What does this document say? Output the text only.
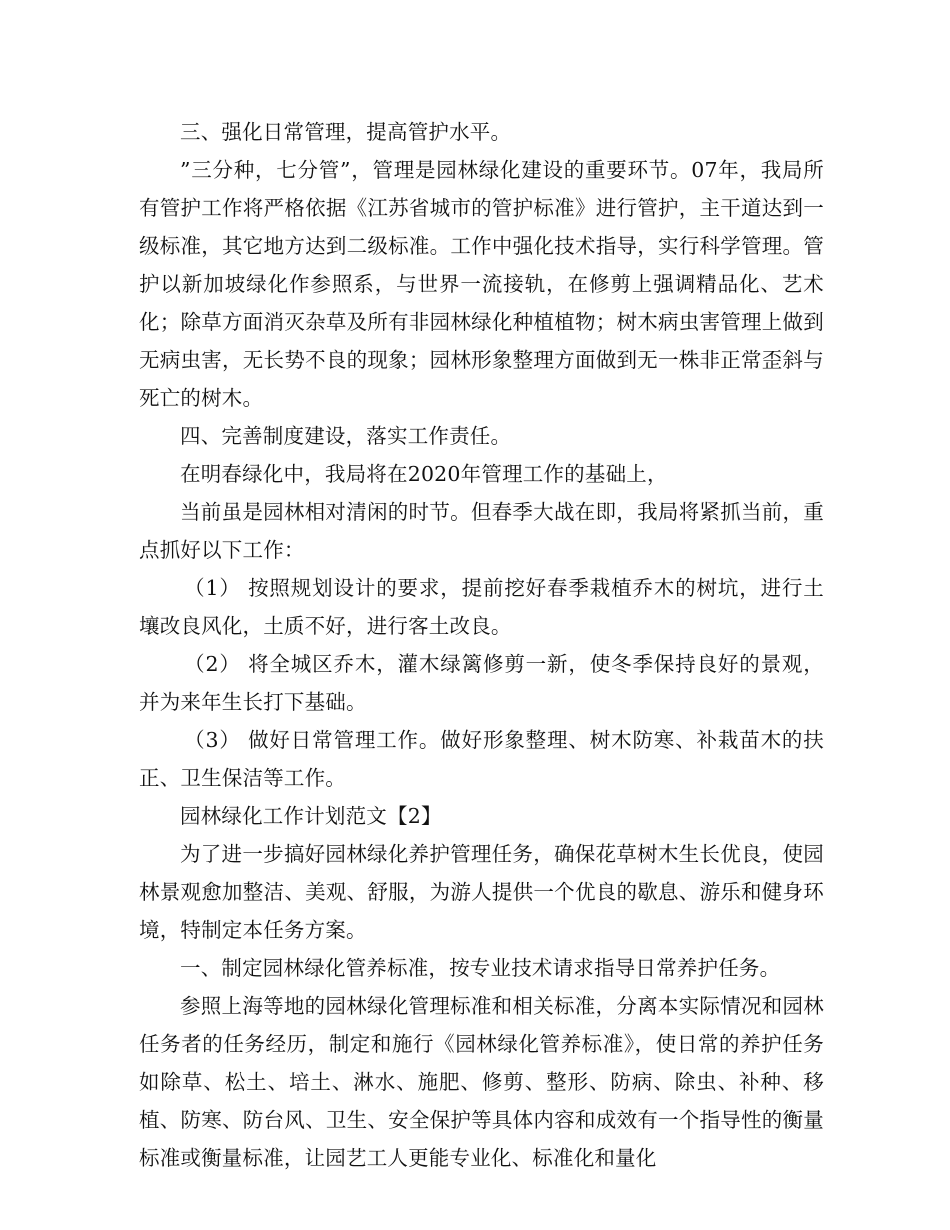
三、强化日常管理，提高管护水平。

”三分种，七分管”，管理是园林绿化建设的重要环节。07年，我局所有管护工作将严格依据《江苏省城市的管护标准》进行管护，主干道达到一级标准，其它地方达到二级标准。工作中强化技术指导，实行科学管理。管护以新加坡绿化作参照系，与世界一流接轨，在修剪上强调精品化、艺术化；除草方面消灭杂草及所有非园林绿化种植植物；树木病虫害管理上做到无病虫害，无长势不良的现象；园林形象整理方面做到无一株非正常歪斜与死亡的树木。

四、完善制度建设，落实工作责任。

在明春绿化中，我局将在2020年管理工作的基础上，

当前虽是园林相对清闲的时节。但春季大战在即，我局将紧抓当前，重点抓好以下工作：

（1） 按照规划设计的要求，提前挖好春季栽植乔木的树坑，进行土壤改良风化，土质不好，进行客土改良。

（2） 将全城区乔木，灌木绿篱修剪一新，使冬季保持良好的景观，并为来年生长打下基础。

（3） 做好日常管理工作。做好形象整理、树木防寒、补栽苗木的扶正、卫生保洁等工作。

园林绿化工作计划范文【2】

为了进一步搞好园林绿化养护管理任务，确保花草树木生长优良，使园林景观愈加整洁、美观、舒服，为游人提供一个优良的歇息、游乐和健身环境，特制定本任务方案。

一、制定园林绿化管养标准，按专业技术请求指导日常养护任务。

参照上海等地的园林绿化管理标准和相关标准，分离本实际情况和园林任务者的任务经历，制定和施行《园林绿化管养标准》，使日常的养护任务如除草、松土、培土、淋水、施肥、修剪、整形、防病、除虫、补种、移植、防寒、防台风、卫生、安全保护等具体内容和成效有一个指导性的衡量标准或衡量标准，让园艺工人更能专业化、标准化和量化
